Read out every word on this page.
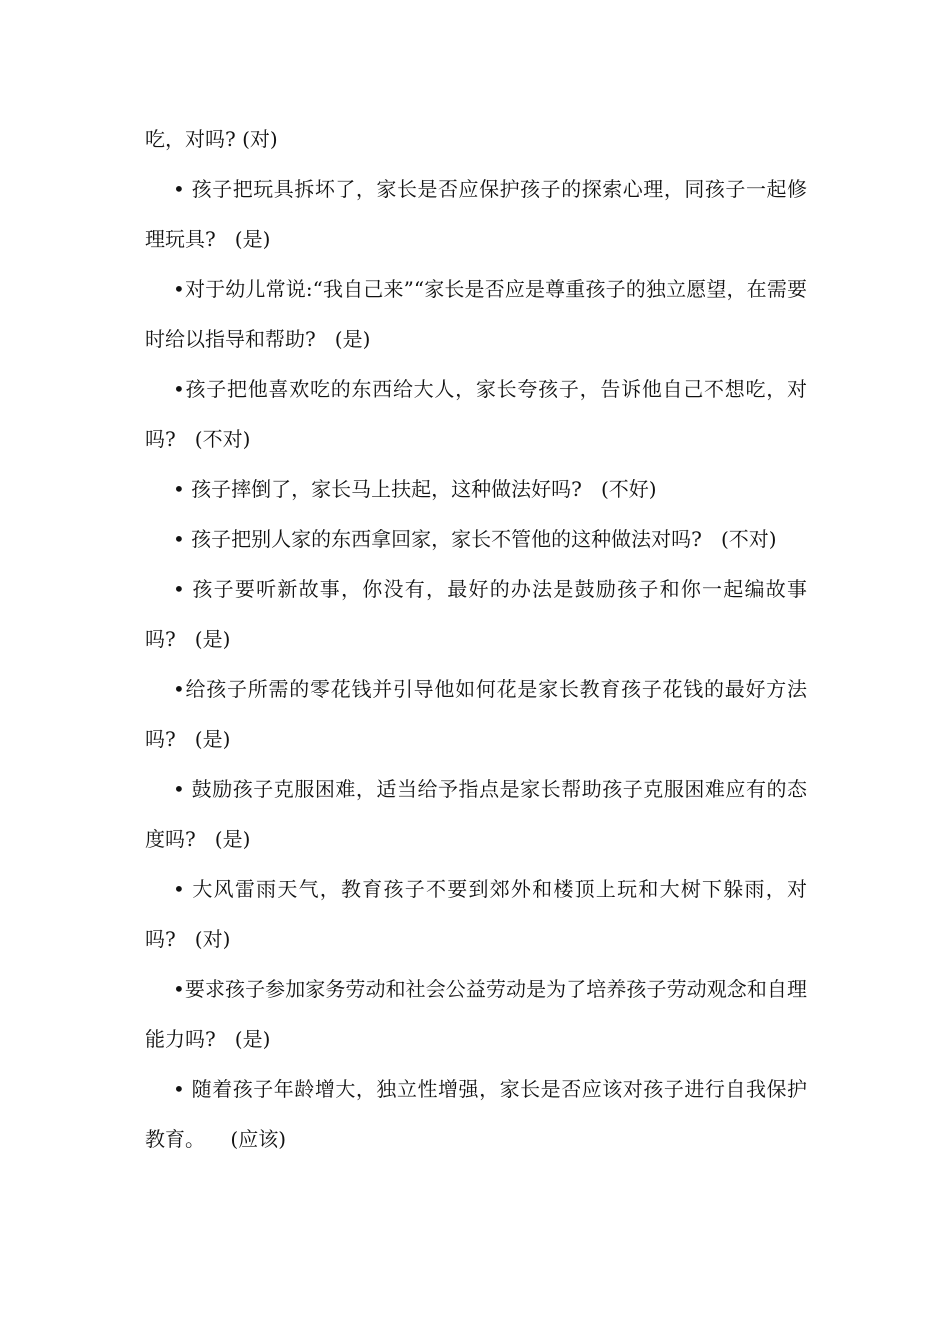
吃，对吗? (对)

• 孩子把玩具拆坏了，家长是否应保护孩子的探索心理，同孩子一起修理玩具?   (是)

•对于幼儿常说:“我自己来”“家长是否应是尊重孩子的独立愿望，在需要时给以指导和帮助?   (是)

•孩子把他喜欢吃的东西给大人，家长夸孩子，告诉他自己不想吃，对吗?   (不对)

• 孩子摔倒了，家长马上扶起，这种做法好吗?   (不好)

• 孩子把别人家的东西拿回家，家长不管他的这种做法对吗?   (不对)

• 孩子要听新故事，你没有，最好的办法是鼓励孩子和你一起编故事吗?   (是)

•给孩子所需的零花钱并引导他如何花是家长教育孩子花钱的最好方法吗?   (是)

• 鼓励孩子克服困难，适当给予指点是家长帮助孩子克服困难应有的态度吗?   (是)

• 大风雷雨天气，教育孩子不要到郊外和楼顶上玩和大树下躲雨，对吗?   (对)

•要求孩子参加家务劳动和社会公益劳动是为了培养孩子劳动观念和自理能力吗?   (是)

• 随着孩子年龄增大，独立性增强，家长是否应该对孩子进行自我保护教育。    (应该)
